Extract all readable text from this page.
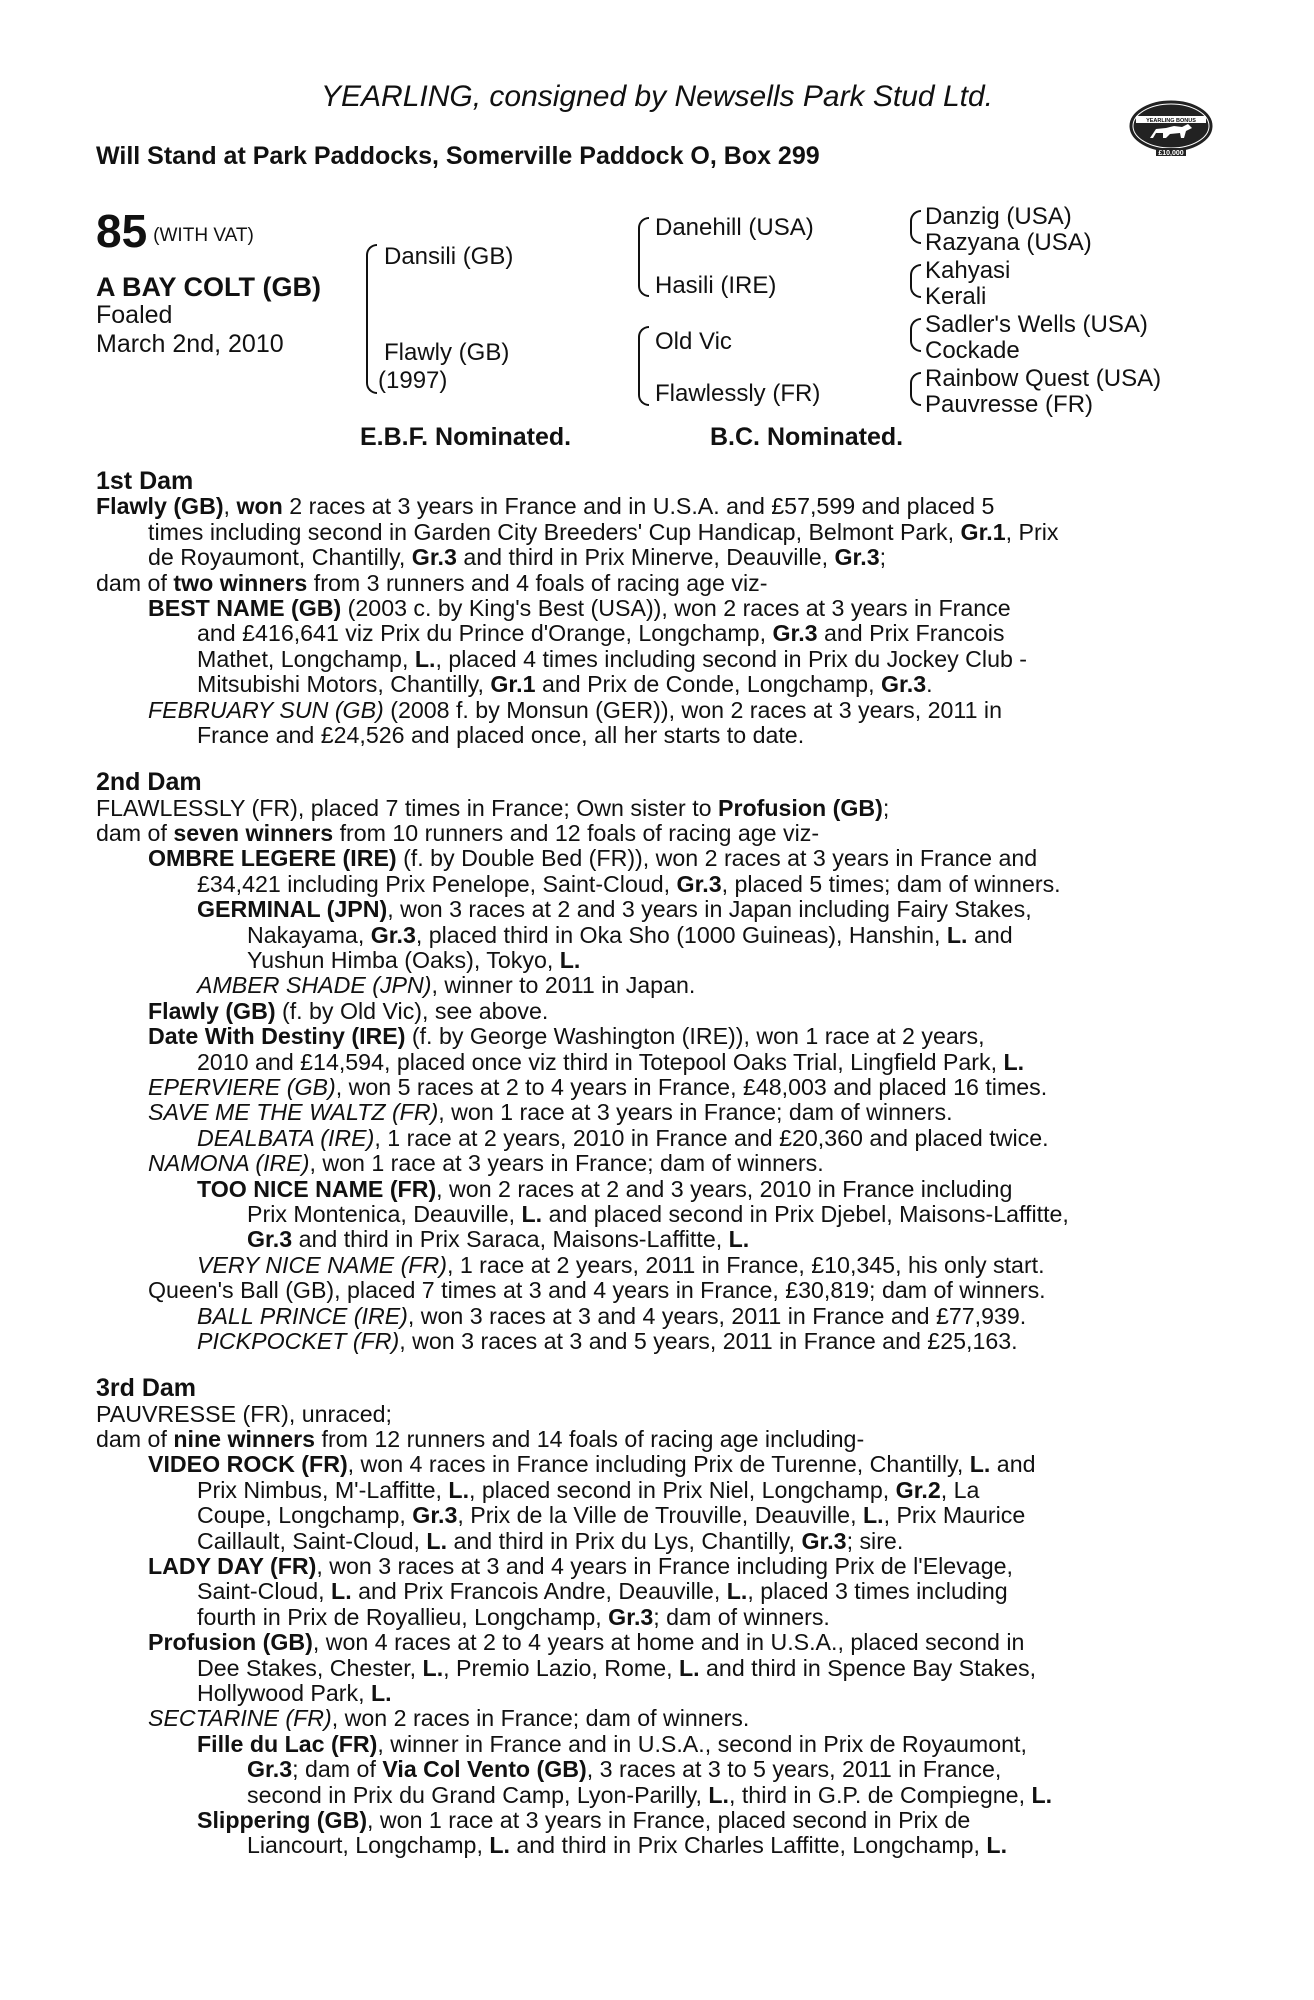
YEARLING, consigned by Newsells Park Stud Ltd.
Will Stand at Park Paddocks, Somerville Paddock O, Box 299
YEARLING BONUS
£10,000
85 (WITH VAT)
A BAY COLT (GB)
Foaled
March 2nd, 2010
Dansili (GB)
Flawly (GB)
(1997)
Danehill (USA)
Hasili (IRE)
Old Vic
Flawlessly (FR)
Danzig (USA)
Razyana (USA)
Kahyasi
Kerali
Sadler's Wells (USA)
Cockade
Rainbow Quest (USA)
Pauvresse (FR)
E.B.F. Nominated.	B.C. Nominated.
1st Dam
Flawly (GB), won 2 races at 3 years in France and in U.S.A. and £57,599 and placed 5
times including second in Garden City Breeders' Cup Handicap, Belmont Park, Gr.1, Prix
de Royaumont, Chantilly, Gr.3 and third in Prix Minerve, Deauville, Gr.3;
dam of two winners from 3 runners and 4 foals of racing age viz-
BEST NAME (GB) (2003 c. by King's Best (USA)), won 2 races at 3 years in France
and £416,641 viz Prix du Prince d'Orange, Longchamp, Gr.3 and Prix Francois
Mathet, Longchamp, L., placed 4 times including second in Prix du Jockey Club -
Mitsubishi Motors, Chantilly, Gr.1 and Prix de Conde, Longchamp, Gr.3.
FEBRUARY SUN (GB) (2008 f. by Monsun (GER)), won 2 races at 3 years, 2011 in
France and £24,526 and placed once, all her starts to date.
2nd Dam
FLAWLESSLY (FR), placed 7 times in France; Own sister to Profusion (GB);
dam of seven winners from 10 runners and 12 foals of racing age viz-
OMBRE LEGERE (IRE) (f. by Double Bed (FR)), won 2 races at 3 years in France and
£34,421 including Prix Penelope, Saint-Cloud, Gr.3, placed 5 times; dam of winners.
GERMINAL (JPN), won 3 races at 2 and 3 years in Japan including Fairy Stakes,
Nakayama, Gr.3, placed third in Oka Sho (1000 Guineas), Hanshin, L. and
Yushun Himba (Oaks), Tokyo, L.
AMBER SHADE (JPN), winner to 2011 in Japan.
Flawly (GB) (f. by Old Vic), see above.
Date With Destiny (IRE) (f. by George Washington (IRE)), won 1 race at 2 years,
2010 and £14,594, placed once viz third in Totepool Oaks Trial, Lingfield Park, L.
EPERVIERE (GB), won 5 races at 2 to 4 years in France, £48,003 and placed 16 times.
SAVE ME THE WALTZ (FR), won 1 race at 3 years in France; dam of winners.
DEALBATA (IRE), 1 race at 2 years, 2010 in France and £20,360 and placed twice.
NAMONA (IRE), won 1 race at 3 years in France; dam of winners.
TOO NICE NAME (FR), won 2 races at 2 and 3 years, 2010 in France including
Prix Montenica, Deauville, L. and placed second in Prix Djebel, Maisons-Laffitte,
Gr.3 and third in Prix Saraca, Maisons-Laffitte, L.
VERY NICE NAME (FR), 1 race at 2 years, 2011 in France, £10,345, his only start.
Queen's Ball (GB), placed 7 times at 3 and 4 years in France, £30,819; dam of winners.
BALL PRINCE (IRE), won 3 races at 3 and 4 years, 2011 in France and £77,939.
PICKPOCKET (FR), won 3 races at 3 and 5 years, 2011 in France and £25,163.
3rd Dam
PAUVRESSE (FR), unraced;
dam of nine winners from 12 runners and 14 foals of racing age including-
VIDEO ROCK (FR), won 4 races in France including Prix de Turenne, Chantilly, L. and
Prix Nimbus, M'-Laffitte, L., placed second in Prix Niel, Longchamp, Gr.2, La
Coupe, Longchamp, Gr.3, Prix de la Ville de Trouville, Deauville, L., Prix Maurice
Caillault, Saint-Cloud, L. and third in Prix du Lys, Chantilly, Gr.3; sire.
LADY DAY (FR), won 3 races at 3 and 4 years in France including Prix de l'Elevage,
Saint-Cloud, L. and Prix Francois Andre, Deauville, L., placed 3 times including
fourth in Prix de Royallieu, Longchamp, Gr.3; dam of winners.
Profusion (GB), won 4 races at 2 to 4 years at home and in U.S.A., placed second in
Dee Stakes, Chester, L., Premio Lazio, Rome, L. and third in Spence Bay Stakes,
Hollywood Park, L.
SECTARINE (FR), won 2 races in France; dam of winners.
Fille du Lac (FR), winner in France and in U.S.A., second in Prix de Royaumont,
Gr.3; dam of Via Col Vento (GB), 3 races at 3 to 5 years, 2011 in France,
second in Prix du Grand Camp, Lyon-Parilly, L., third in G.P. de Compiegne, L.
Slippering (GB), won 1 race at 3 years in France, placed second in Prix de
Liancourt, Longchamp, L. and third in Prix Charles Laffitte, Longchamp, L.
